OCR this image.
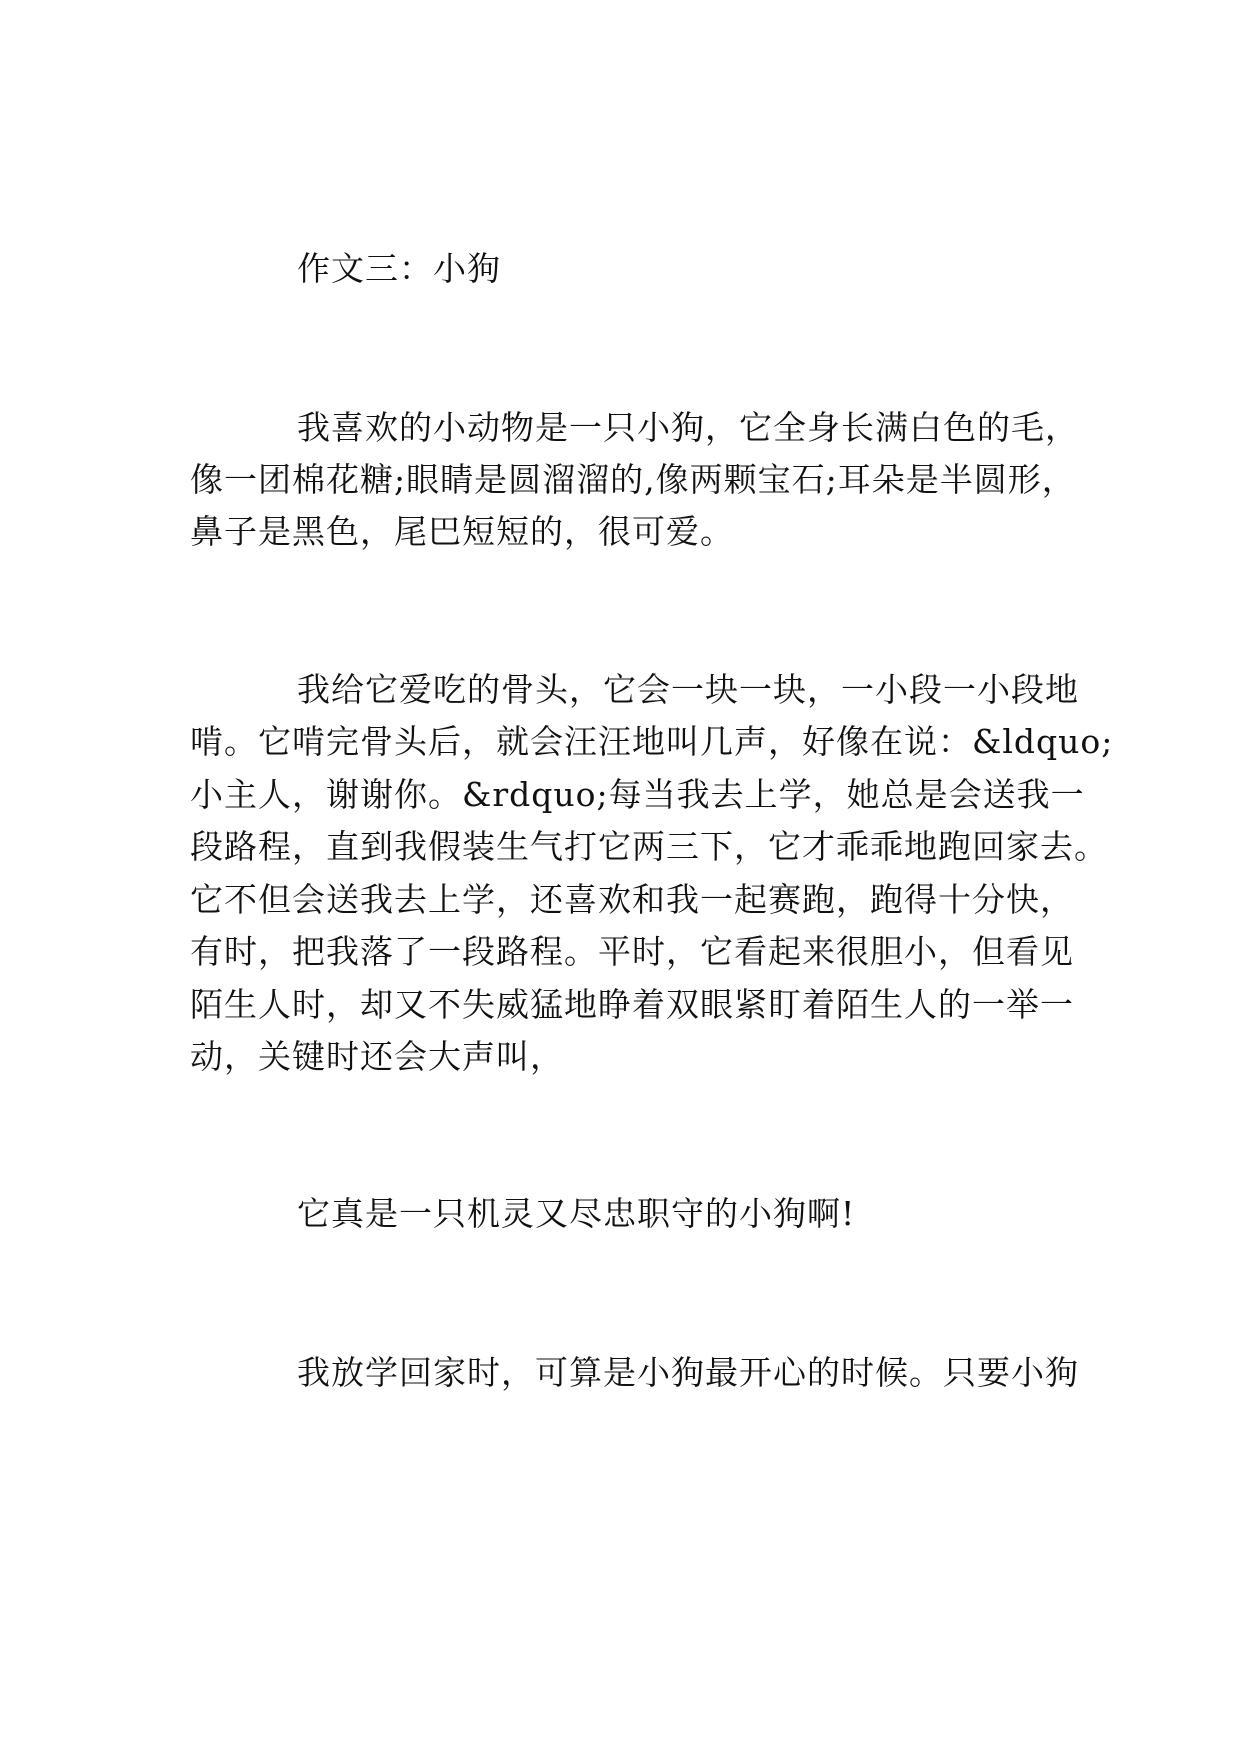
作文三：小狗

我喜欢的小动物是一只小狗，它全身长满白色的毛，

像一团棉花糖;眼睛是圆溜溜的,像两颗宝石;耳朵是半圆形，

鼻子是黑色，尾巴短短的，很可爱。

我给它爱吃的骨头，它会一块一块，一小段一小段地

啃。它啃完骨头后，就会汪汪地叫几声，好像在说：&ldquo;

小主人，谢谢你。&rdquo;每当我去上学，她总是会送我一

段路程，直到我假装生气打它两三下，它才乖乖地跑回家去。

它不但会送我去上学，还喜欢和我一起赛跑，跑得十分快，

有时，把我落了一段路程。平时，它看起来很胆小，但看见

陌生人时，却又不失威猛地睁着双眼紧盯着陌生人的一举一

动，关键时还会大声叫，

它真是一只机灵又尽忠职守的小狗啊!

我放学回家时，可算是小狗最开心的时候。只要小狗
